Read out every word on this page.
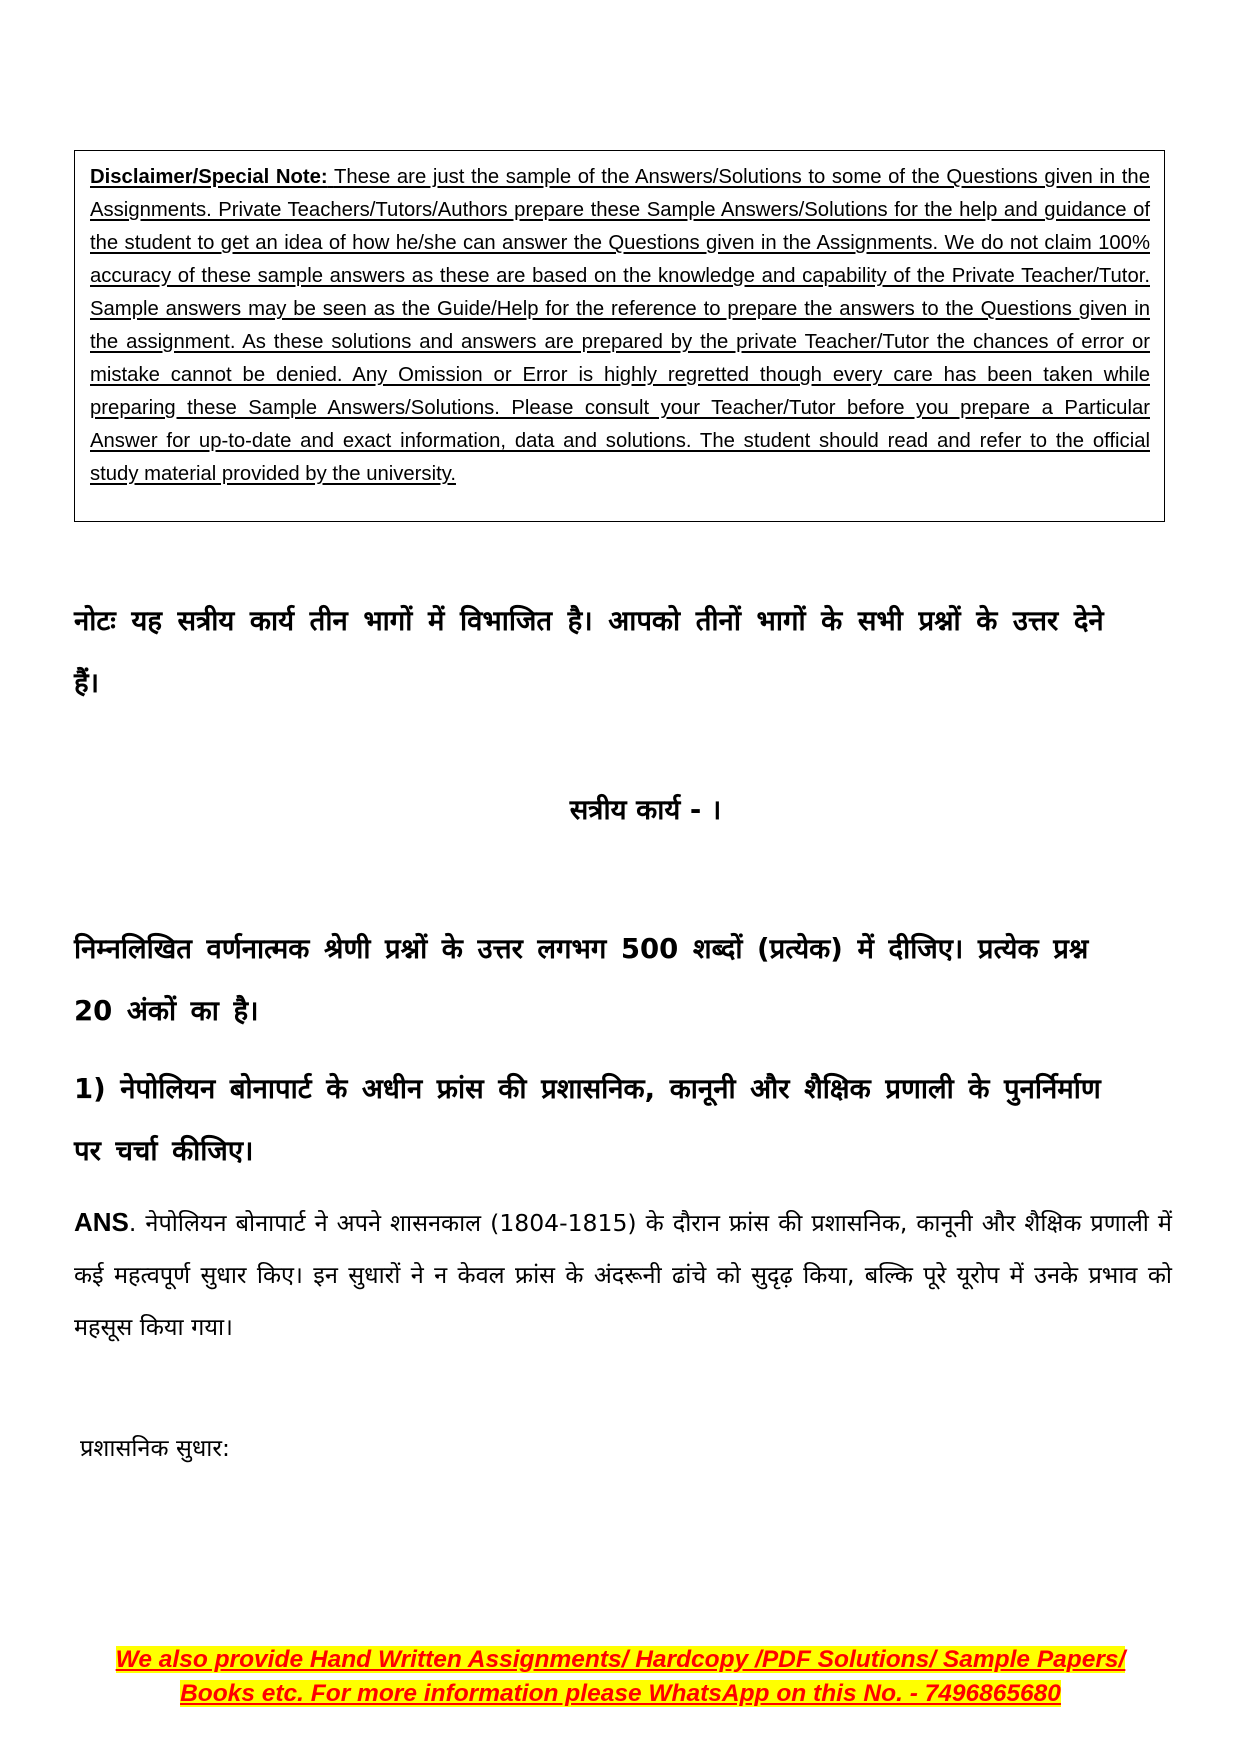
Disclaimer/Special Note: These are just the sample of the Answers/Solutions to some of the Questions given in the Assignments. Private Teachers/Tutors/Authors prepare these Sample Answers/Solutions for the help and guidance of the student to get an idea of how he/she can answer the Questions given in the Assignments. We do not claim 100% accuracy of these sample answers as these are based on the knowledge and capability of the Private Teacher/Tutor. Sample answers may be seen as the Guide/Help for the reference to prepare the answers to the Questions given in the assignment. As these solutions and answers are prepared by the private Teacher/Tutor the chances of error or mistake cannot be denied. Any Omission or Error is highly regretted though every care has been taken while preparing these Sample Answers/Solutions. Please consult your Teacher/Tutor before you prepare a Particular Answer for up-to-date and exact information, data and solutions. The student should read and refer to the official study material provided by the university.
नोटः यह सत्रीय कार्य तीन भागों में विभाजित है। आपको तीनों भागों के सभी प्रश्नों के उत्तर देने हैं।
सत्रीय कार्य - ।
निम्नलिखित वर्णनात्मक श्रेणी प्रश्नों के उत्तर लगभग 500 शब्दों (प्रत्येक) में दीजिए। प्रत्येक प्रश्न 20 अंकों का है।
1) नेपोलियन बोनापार्ट के अधीन फ्रांस की प्रशासनिक, कानूनी और शैक्षिक प्रणाली के पुनर्निर्माण पर चर्चा कीजिए।
ANS. नेपोलियन बोनापार्ट ने अपने शासनकाल (1804-1815) के दौरान फ्रांस की प्रशासनिक, कानूनी और शैक्षिक प्रणाली में कई महत्वपूर्ण सुधार किए। इन सुधारों ने न केवल फ्रांस के अंदरूनी ढांचे को सुदृढ़ किया, बल्कि पूरे यूरोप में उनके प्रभाव को महसूस किया गया।
प्रशासनिक सुधार:
We also provide Hand Written Assignments/ Hardcopy /PDF Solutions/ Sample Papers/
Books etc. For more information please WhatsApp on this No. - 7496865680
